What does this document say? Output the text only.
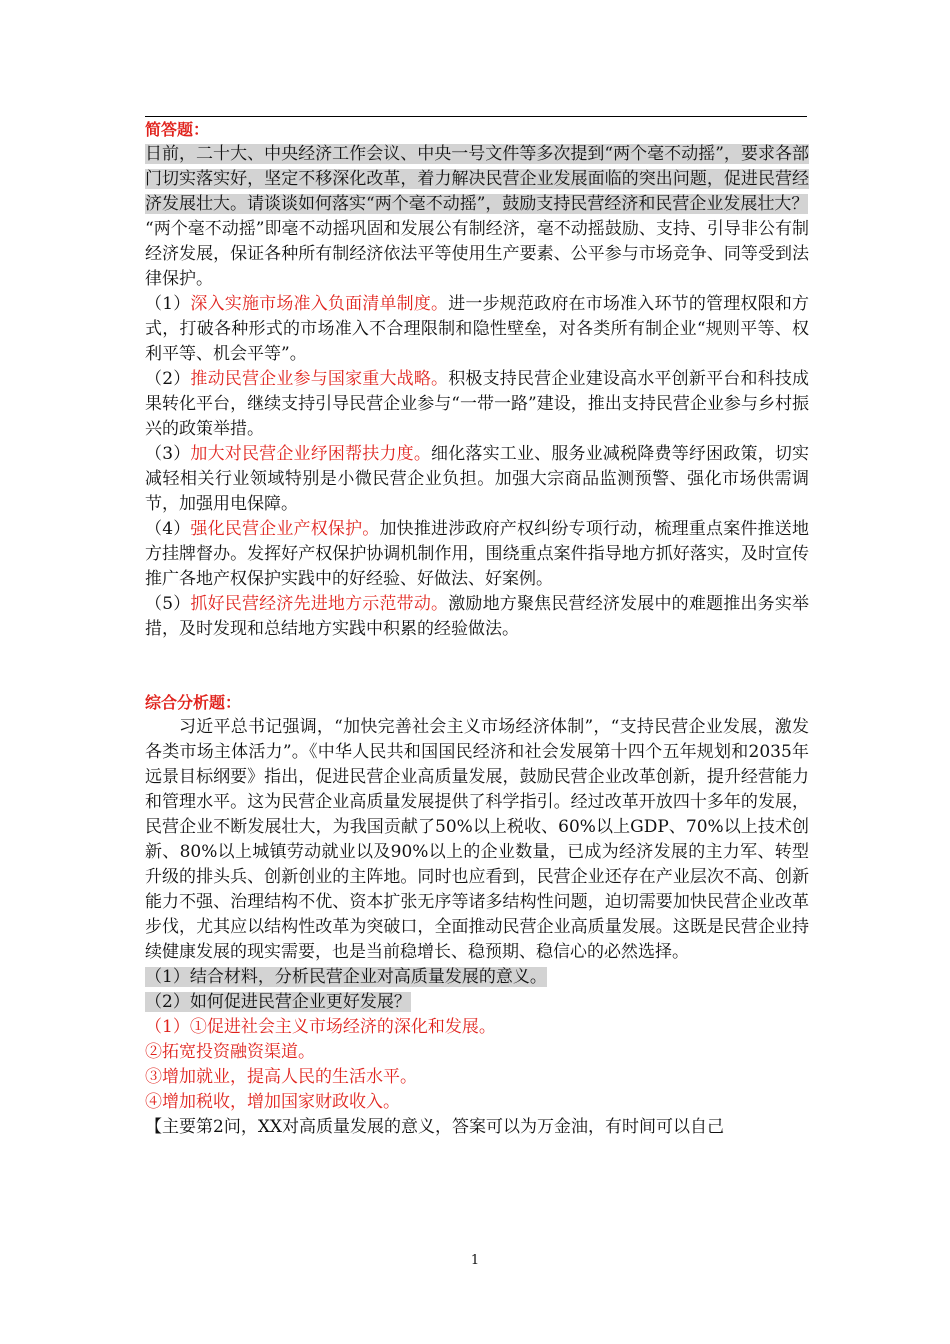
简答题：

日前，二十大、中央经济工作会议、中央一号文件等多次提到“两个毫不动摇”，要求各部门切实落实好，坚定不移深化改革，着力解决民营企业发展面临的突出问题，促进民营经济发展壮大。请谈谈如何落实“两个毫不动摇”，鼓励支持民营经济和民营企业发展壮大？

“两个毫不动摇”即毫不动摇巩固和发展公有制经济，毫不动摇鼓励、支持、引导非公有制经济发展，保证各种所有制经济依法平等使用生产要素、公平参与市场竞争、同等受到法律保护。

（1）深入实施市场准入负面清单制度。进一步规范政府在市场准入环节的管理权限和方式，打破各种形式的市场准入不合理限制和隐性壁垒，对各类所有制企业“规则平等、权利平等、机会平等”。

（2）推动民营企业参与国家重大战略。积极支持民营企业建设高水平创新平台和科技成果转化平台，继续支持引导民营企业参与“一带一路”建设，推出支持民营企业参与乡村振兴的政策举措。

（3）加大对民营企业纾困帮扶力度。细化落实工业、服务业减税降费等纾困政策，切实减轻相关行业领域特别是小微民营企业负担。加强大宗商品监测预警、强化市场供需调节，加强用电保障。

（4）强化民营企业产权保护。加快推进涉政府产权纠纷专项行动，梳理重点案件推送地方挂牌督办。发挥好产权保护协调机制作用，围绕重点案件指导地方抓好落实，及时宣传推广各地产权保护实践中的好经验、好做法、好案例。

（5）抓好民营经济先进地方示范带动。激励地方聚焦民营经济发展中的难题推出务实举措，及时发现和总结地方实践中积累的经验做法。

综合分析题：

习近平总书记强调，“加快完善社会主义市场经济体制”，“支持民营企业发展，激发各类市场主体活力”。《中华人民共和国国民经济和社会发展第十四个五年规划和2035年远景目标纲要》指出，促进民营企业高质量发展，鼓励民营企业改革创新，提升经营能力和管理水平。这为民营企业高质量发展提供了科学指引。经过改革开放四十多年的发展，民营企业不断发展壮大，为我国贡献了50%以上税收、60%以上GDP、70%以上技术创新、80%以上城镇劳动就业以及90%以上的企业数量，已成为经济发展的主力军、转型升级的排头兵、创新创业的主阵地。同时也应看到，民营企业还存在产业层次不高、创新能力不强、治理结构不优、资本扩张无序等诸多结构性问题，迫切需要加快民营企业改革步伐，尤其应以结构性改革为突破口，全面推动民营企业高质量发展。这既是民营企业持续健康发展的现实需要，也是当前稳增长、稳预期、稳信心的必然选择。

（1）结合材料，分析民营企业对高质量发展的意义。

（2）如何促进民营企业更好发展？

（1）①促进社会主义市场经济的深化和发展。

②拓宽投资融资渠道。

③增加就业，提高人民的生活水平。

④增加税收，增加国家财政收入。

【主要第2问，XX对高质量发展的意义，答案可以为万金油，有时间可以自己

1
